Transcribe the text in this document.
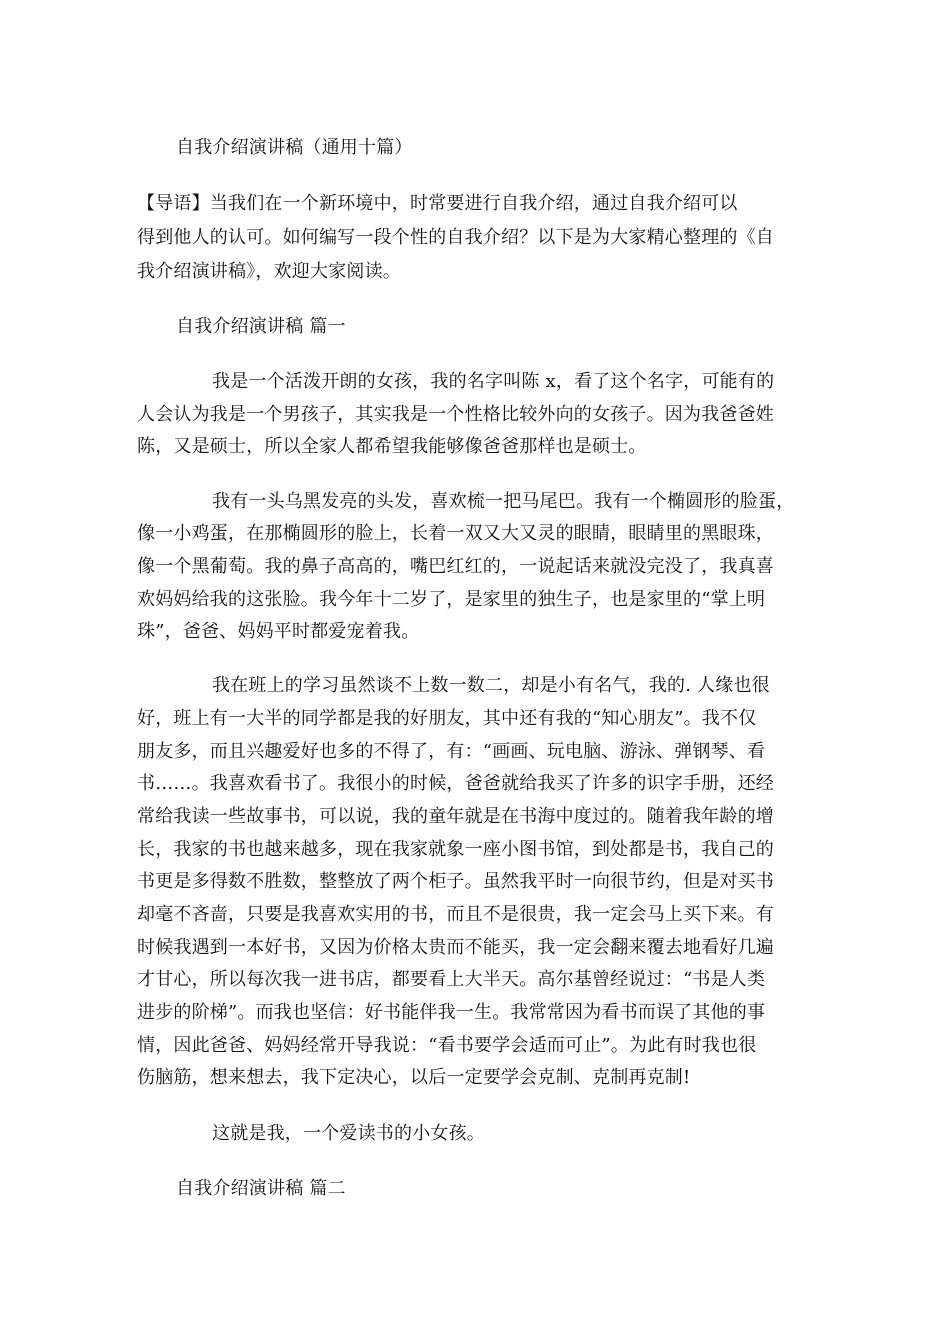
自我介绍演讲稿（通用十篇）
【导语】当我们在一个新环境中，时常要进行自我介绍，通过自我介绍可以
得到他人的认可。如何编写一段个性的自我介绍？以下是为大家精心整理的《自
我介绍演讲稿》，欢迎大家阅读。
自我介绍演讲稿 篇一
我是一个活泼开朗的女孩，我的名字叫陈 x，看了这个名字，可能有的
人会认为我是一个男孩子，其实我是一个性格比较外向的女孩子。因为我爸爸姓
陈，又是硕士，所以全家人都希望我能够像爸爸那样也是硕士。
我有一头乌黑发亮的头发，喜欢梳一把马尾巴。我有一个椭圆形的脸蛋，
像一小鸡蛋，在那椭圆形的脸上，长着一双又大又灵的眼睛，眼睛里的黑眼珠，
像一个黑葡萄。我的鼻子高高的，嘴巴红红的，一说起话来就没完没了，我真喜
欢妈妈给我的这张脸。我今年十二岁了，是家里的独生子，也是家里的“掌上明
珠”，爸爸、妈妈平时都爱宠着我。
我在班上的学习虽然谈不上数一数二，却是小有名气，我的. 人缘也很
好，班上有一大半的同学都是我的好朋友，其中还有我的“知心朋友”。我不仅
朋友多，而且兴趣爱好也多的不得了，有：“画画、玩电脑、游泳、弹钢琴、看
书……。我喜欢看书了。我很小的时候，爸爸就给我买了许多的识字手册，还经
常给我读一些故事书，可以说，我的童年就是在书海中度过的。随着我年龄的增
长，我家的书也越来越多，现在我家就象一座小图书馆，到处都是书，我自己的
书更是多得数不胜数，整整放了两个柜子。虽然我平时一向很节约，但是对买书
却毫不吝啬，只要是我喜欢实用的书，而且不是很贵，我一定会马上买下来。有
时候我遇到一本好书，又因为价格太贵而不能买，我一定会翻来覆去地看好几遍
才甘心，所以每次我一进书店，都要看上大半天。高尔基曾经说过：“书是人类
进步的阶梯”。而我也坚信：好书能伴我一生。我常常因为看书而误了其他的事
情，因此爸爸、妈妈经常开导我说：“看书要学会适而可止”。为此有时我也很
伤脑筋，想来想去，我下定决心，以后一定要学会克制、克制再克制!
这就是我，一个爱读书的小女孩。
自我介绍演讲稿 篇二
